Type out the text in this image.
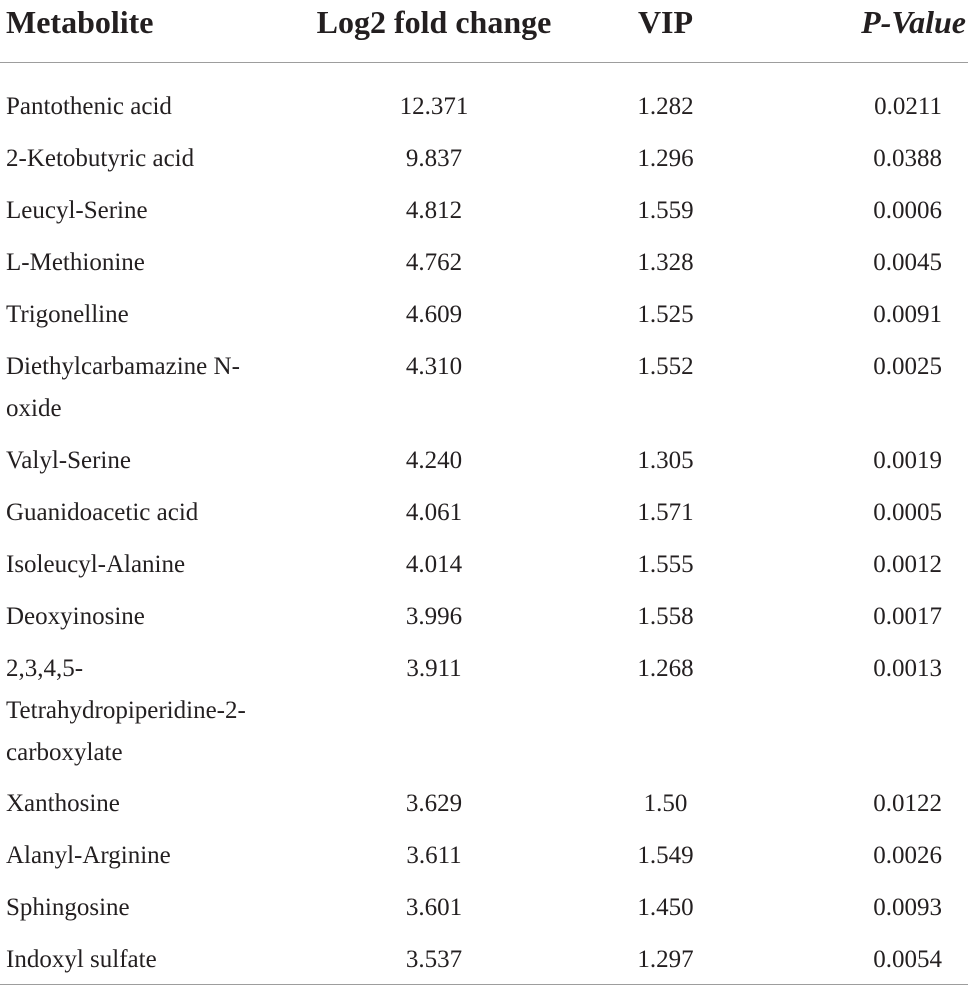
Metabolite	Log2 fold change	VIP	P-Value
Pantothenic acid	12.371	1.282	0.0211
2-Ketobutyric acid	9.837	1.296	0.0388
Leucyl-Serine	4.812	1.559	0.0006
L-Methionine	4.762	1.328	0.0045
Trigonelline	4.609	1.525	0.0091
Diethylcarbamazine N-oxide	4.310	1.552	0.0025
Valyl-Serine	4.240	1.305	0.0019
Guanidoacetic acid	4.061	1.571	0.0005
Isoleucyl-Alanine	4.014	1.555	0.0012
Deoxyinosine	3.996	1.558	0.0017
2,3,4,5-Tetrahydropiperidine-2-carboxylate	3.911	1.268	0.0013
Xanthosine	3.629	1.50	0.0122
Alanyl-Arginine	3.611	1.549	0.0026
Sphingosine	3.601	1.450	0.0093
Indoxyl sulfate	3.537	1.297	0.0054
